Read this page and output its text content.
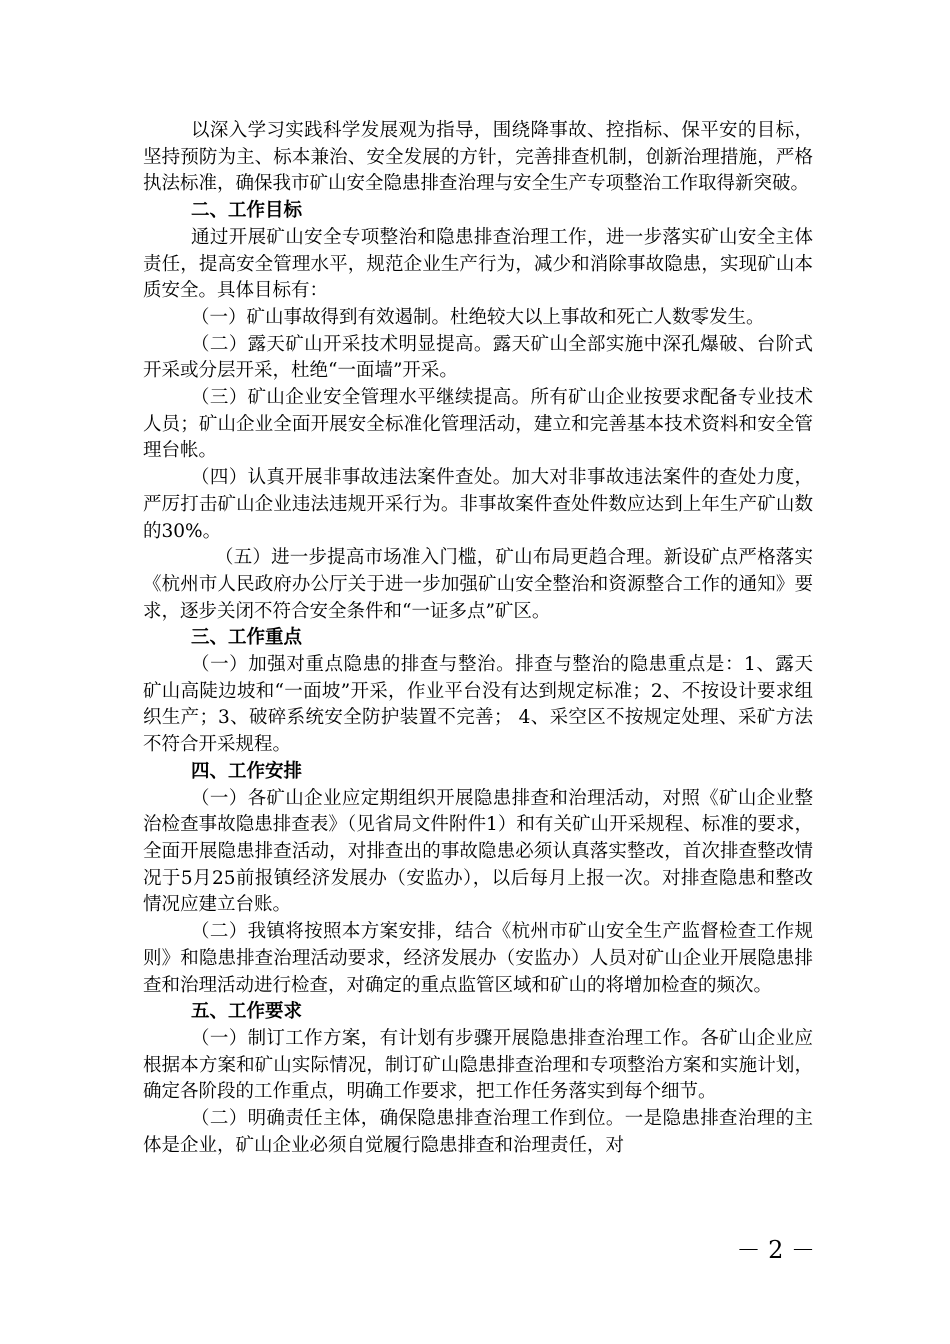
以深入学习实践科学发展观为指导，围绕降事故、控指标、保平安的目标，坚持预防为主、标本兼治、安全发展的方针，完善排查机制，创新治理措施，严格执法标准，确保我市矿山安全隐患排查治理与安全生产专项整治工作取得新突破。

二、工作目标

通过开展矿山安全专项整治和隐患排查治理工作，进一步落实矿山安全主体责任，提高安全管理水平，规范企业生产行为，减少和消除事故隐患，实现矿山本质安全。具体目标有：

（一）矿山事故得到有效遏制。杜绝较大以上事故和死亡人数零发生。

（二）露天矿山开采技术明显提高。露天矿山全部实施中深孔爆破、台阶式开采或分层开采，杜绝“一面墙”开采。

（三）矿山企业安全管理水平继续提高。所有矿山企业按要求配备专业技术人员；矿山企业全面开展安全标准化管理活动，建立和完善基本技术资料和安全管理台帐。

（四）认真开展非事故违法案件查处。加大对非事故违法案件的查处力度，严厉打击矿山企业违法违规开采行为。非事故案件查处件数应达到上年生产矿山数的30%。

（五）进一步提高市场准入门槛，矿山布局更趋合理。新设矿点严格落实《杭州市人民政府办公厅关于进一步加强矿山安全整治和资源整合工作的通知》要求，逐步关闭不符合安全条件和“一证多点”矿区。

三、工作重点

（一）加强对重点隐患的排查与整治。排查与整治的隐患重点是：1、露天矿山高陡边坡和“一面坡”开采，作业平台没有达到规定标准；2、不按设计要求组织生产；3、破碎系统安全防护装置不完善； 4、采空区不按规定处理、采矿方法不符合开采规程。

四、工作安排

（一）各矿山企业应定期组织开展隐患排查和治理活动，对照《矿山企业整治检查事故隐患排查表》（见省局文件附件1）和有关矿山开采规程、标准的要求，全面开展隐患排查活动，对排查出的事故隐患必须认真落实整改，首次排查整改情况于5月25前报镇经济发展办（安监办），以后每月上报一次。对排查隐患和整改情况应建立台账。

（二）我镇将按照本方案安排，结合《杭州市矿山安全生产监督检查工作规则》和隐患排查治理活动要求，经济发展办（安监办）人员对矿山企业开展隐患排查和治理活动进行检查，对确定的重点监管区域和矿山的将增加检查的频次。

五、工作要求

（一）制订工作方案，有计划有步骤开展隐患排查治理工作。各矿山企业应根据本方案和矿山实际情况，制订矿山隐患排查治理和专项整治方案和实施计划，确定各阶段的工作重点，明确工作要求，把工作任务落实到每个细节。

（二）明确责任主体，确保隐患排查治理工作到位。一是隐患排查治理的主体是企业，矿山企业必须自觉履行隐患排查和治理责任，对

－ 2 －
